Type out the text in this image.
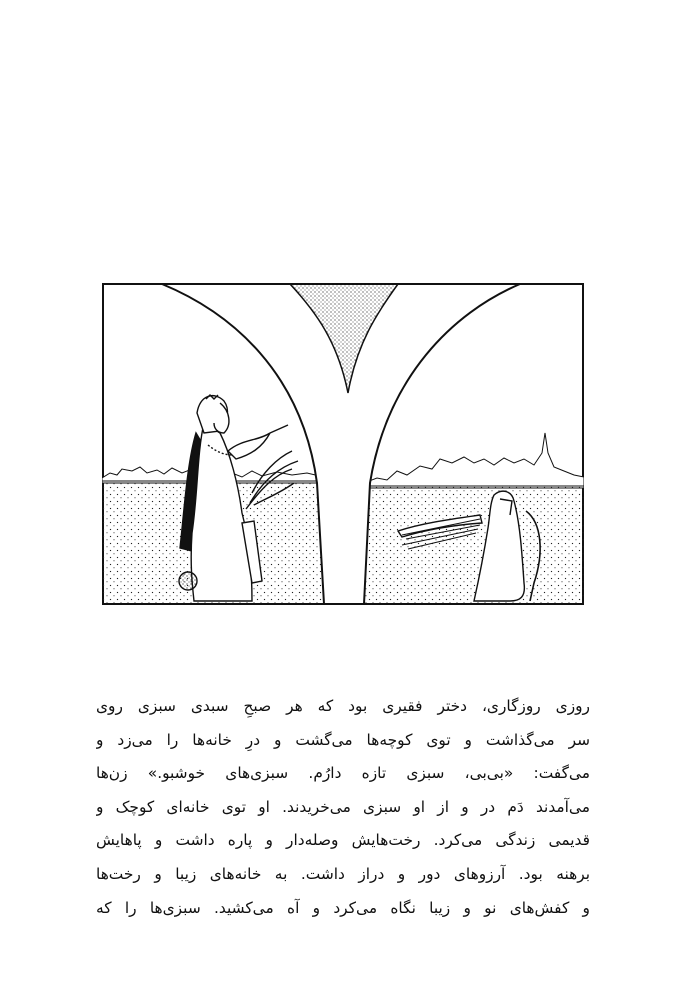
روزی روزگاری، دختر فقیری بود که هر صبحِ سبدی سبزی روی
سر می‌گذاشت و توی کوچه‌ها می‌گشت و درِ خانه‌ها را می‌زد و
می‌گفت: «بی‌بی، سبزی تازه دارُم. سبزی‌های خوشبو.» زن‌ها
می‌آمدند دَم در و از او سبزی می‌خریدند. او توی خانه‌ای کوچک و
قدیمی زندگی می‌کرد. رخت‌هایش وصله‌دار و پاره داشت و پاهایش
برهنه بود. آرزوهای دور و دراز داشت. به خانه‌های زیبا و رخت‌ها
و کفش‌های نو و زیبا نگاه می‌کرد و آه می‌کشید. سبزی‌ها را که
